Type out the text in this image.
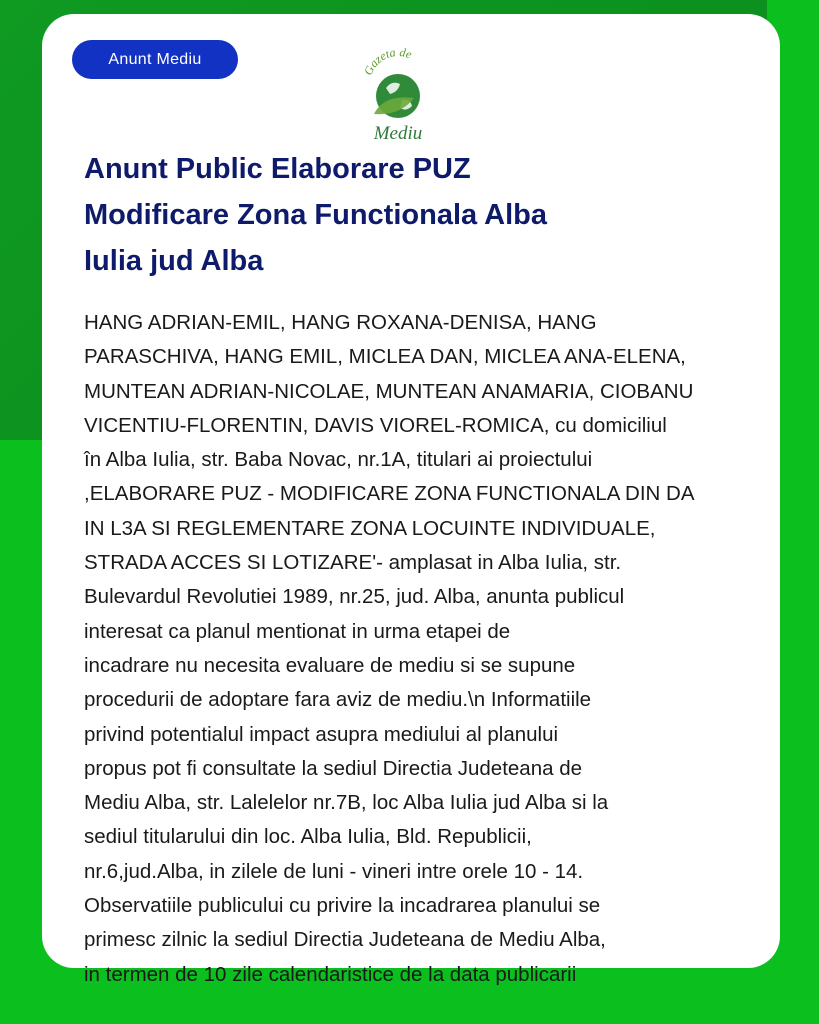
Anunt Mediu
Gazeta de
Mediu
Anunt Public Elaborare PUZ
Modificare Zona Functionala Alba
Iulia jud Alba
HANG ADRIAN-EMIL, HANG ROXANA-DENISA, HANG
PARASCHIVA, HANG EMIL, MICLEA DAN, MICLEA ANA-ELENA,
MUNTEAN ADRIAN-NICOLAE, MUNTEAN ANAMARIA, CIOBANU
VICENTIU-FLORENTIN, DAVIS VIOREL-ROMICA, cu domiciliul
în Alba Iulia, str. Baba Novac, nr.1A, titulari ai proiectului
,ELABORARE PUZ - MODIFICARE ZONA FUNCTIONALA DIN DA
IN L3A SI REGLEMENTARE ZONA LOCUINTE INDIVIDUALE,
STRADA ACCES SI LOTIZARE'- amplasat in Alba Iulia, str.
Bulevardul Revolutiei 1989, nr.25, jud. Alba, anunta publicul
interesat ca planul mentionat in urma etapei de
incadrare nu necesita evaluare de mediu si se supune
procedurii de adoptare fara aviz de mediu.\n Informatiile
privind potentialul impact asupra mediului al planului
propus pot fi consultate la sediul Directia Judeteana de
Mediu Alba, str. Lalelelor nr.7B, loc Alba Iulia jud Alba si la
sediul titularului din loc. Alba Iulia, Bld. Republicii,
nr.6,jud.Alba, in zilele de luni - vineri intre orele 10 - 14.
Observatiile publicului cu privire la incadrarea planului se
primesc zilnic la sediul Directia Judeteana de Mediu Alba,
in termen de 10 zile calendaristice de la data publicarii
